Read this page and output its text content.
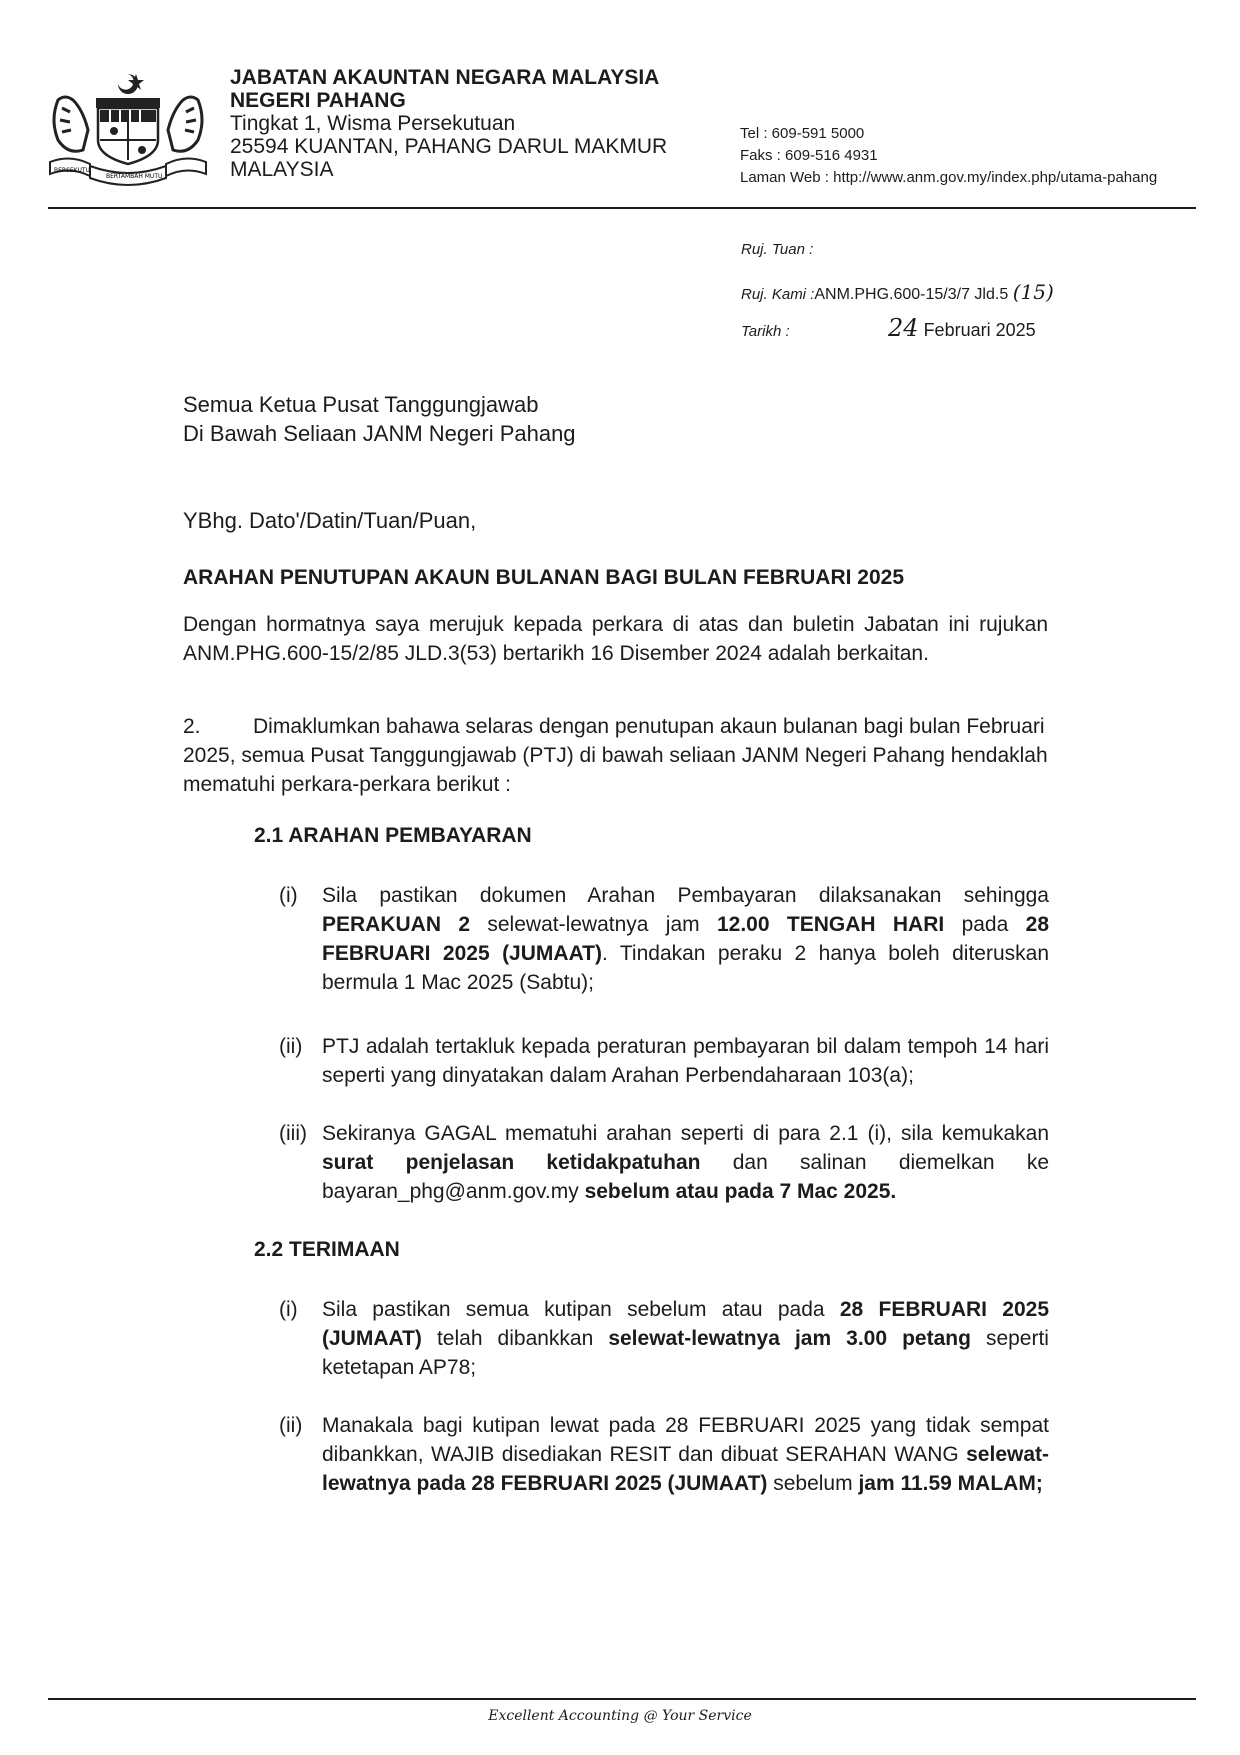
BERSEKUTU
BERTAMBAH MUTU
JABATAN AKAUNTAN NEGARA MALAYSIA
NEGERI PAHANG
Tingkat 1, Wisma Persekutuan
25594 KUANTAN, PAHANG DARUL MAKMUR
MALAYSIA
Tel : 609-591 5000
Faks : 609-516 4931
Laman Web : http://www.anm.gov.my/index.php/utama-pahang
Ruj. Tuan :
Ruj. Kami :ANM.PHG.600-15/3/7 Jld.5 (15)
Tarikh :	24 Februari 2025
Semua Ketua Pusat Tanggungjawab
Di Bawah Seliaan JANM Negeri Pahang
YBhg. Dato'/Datin/Tuan/Puan,
ARAHAN PENUTUPAN AKAUN BULANAN BAGI BULAN FEBRUARI 2025
Dengan hormatnya saya merujuk kepada perkara di atas dan buletin Jabatan ini rujukan ANM.PHG.600-15/2/85 JLD.3(53) bertarikh 16 Disember 2024 adalah berkaitan.
2. Dimaklumkan bahawa selaras dengan penutupan akaun bulanan bagi bulan Februari 2025, semua Pusat Tanggungjawab (PTJ) di bawah seliaan JANM Negeri Pahang hendaklah mematuhi perkara-perkara berikut :
2.1 ARAHAN PEMBAYARAN
(i) Sila pastikan dokumen Arahan Pembayaran dilaksanakan sehingga PERAKUAN 2 selewat-lewatnya jam 12.00 TENGAH HARI pada 28 FEBRUARI 2025 (JUMAAT). Tindakan peraku 2 hanya boleh diteruskan bermula 1 Mac 2025 (Sabtu);
(ii) PTJ adalah tertakluk kepada peraturan pembayaran bil dalam tempoh 14 hari seperti yang dinyatakan dalam Arahan Perbendaharaan 103(a);
(iii) Sekiranya GAGAL mematuhi arahan seperti di para 2.1 (i), sila kemukakan surat penjelasan ketidakpatuhan dan salinan diemelkan ke bayaran_phg@anm.gov.my sebelum atau pada 7 Mac 2025.
2.2 TERIMAAN
(i) Sila pastikan semua kutipan sebelum atau pada 28 FEBRUARI 2025 (JUMAAT) telah dibankkan selewat-lewatnya jam 3.00 petang seperti ketetapan AP78;
(ii) Manakala bagi kutipan lewat pada 28 FEBRUARI 2025 yang tidak sempat dibankkan, WAJIB disediakan RESIT dan dibuat SERAHAN WANG selewat-lewatnya pada 28 FEBRUARI 2025 (JUMAAT) sebelum jam 11.59 MALAM;
Excellent Accounting @ Your Service
